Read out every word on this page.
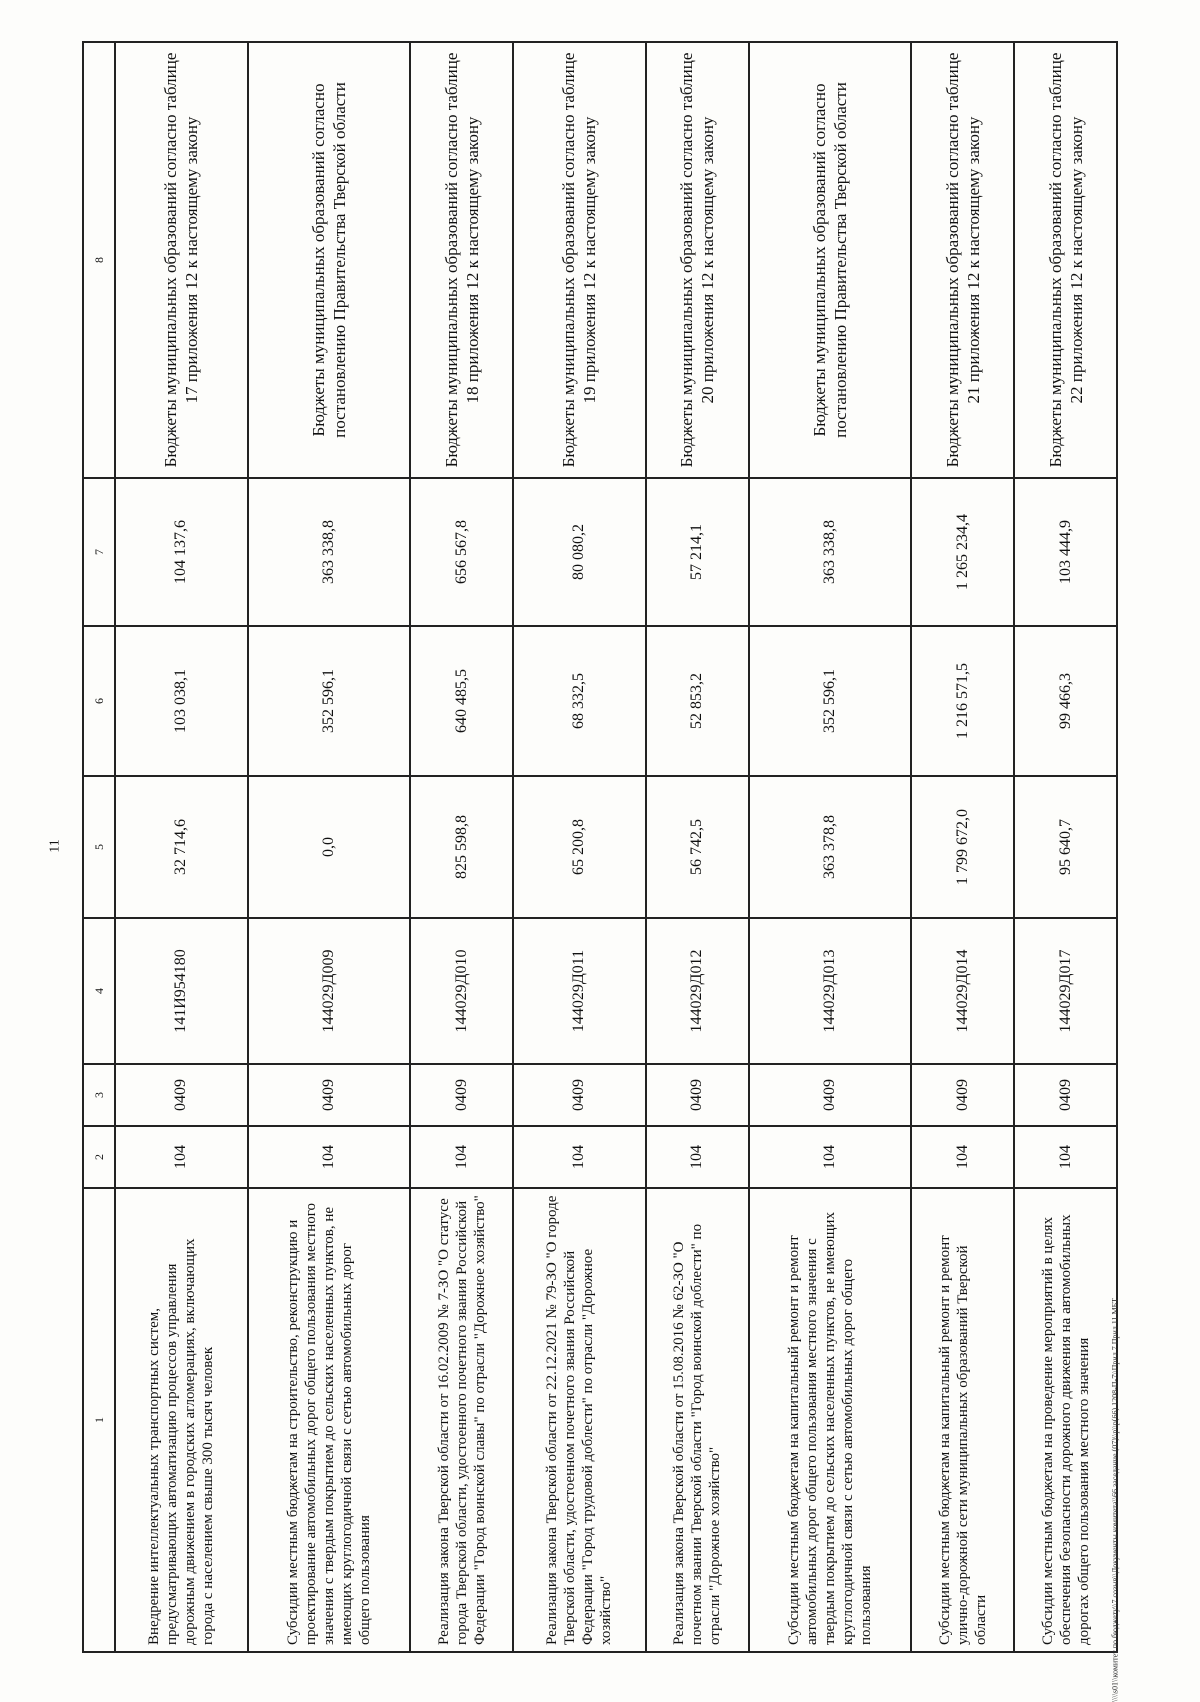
11
1	2	3	4	5	6	7	8
Внедрение интеллектуальных транспортных систем, предусматривающих автоматизацию процессов управления дорожным движением в городских агломерациях, включающих города с населением свыше 300 тысяч человек	104	0409	141И954180	32 714,6	103 038,1	104 137,6	Бюджеты муниципальных образований согласно таблице 17 приложения 12 к настоящему закону
Субсидии местным бюджетам на строительство, реконструкцию и проектирование автомобильных дорог общего пользования местного значения с твердым покрытием до сельских населенных пунктов, не имеющих круглогодичной связи с сетью автомобильных дорог общего пользования	104	0409	144029Д009	0,0	352 596,1	363 338,8	Бюджеты муниципальных образований согласно постановлению Правительства Тверской области
Реализация закона Тверской области от 16.02.2009 № 7-ЗО "О статусе города Тверской области, удостоенного почетного звания Российской Федерации "Город воинской славы" по отрасли "Дорожное хозяйство"	104	0409	144029Д010	825 598,8	640 485,5	656 567,8	Бюджеты муниципальных образований согласно таблице 18 приложения 12 к настоящему закону
Реализация закона Тверской области от 22.12.2021 № 79-ЗО "О городе Тверской области, удостоенном почетного звания Российской Федерации "Город трудовой доблести" по отрасли "Дорожное хозяйство"	104	0409	144029Д011	65 200,8	68 332,5	80 080,2	Бюджеты муниципальных образований согласно таблице 19 приложения 12 к настоящему закону
Реализация закона Тверской области от 15.08.2016 № 62-ЗО "О почетном звании Тверской области "Город воинской доблести" по отрасли "Дорожное хозяйство"	104	0409	144029Д012	56 742,5	52 853,2	57 214,1	Бюджеты муниципальных образований согласно таблице 20 приложения 12 к настоящему закону
Субсидии местным бюджетам на капитальный ремонт и ремонт автомобильных дорог общего пользования местного значения с твердым покрытием до сельских населенных пунктов, не имеющих круглогодичной связи с сетью автомобильных дорог общего пользования	104	0409	144029Д013	363 378,8	352 596,1	363 338,8	Бюджеты муниципальных образований согласно постановлению Правительства Тверской области
Субсидии местным бюджетам на капитальный ремонт и ремонт улично-дорожной сети муниципальных образований Тверской области	104	0409	144029Д014	1 799 672,0	1 216 571,5	1 265 234,4	Бюджеты муниципальных образований согласно таблице 21 приложения 12 к настоящему закону
Субсидии местным бюджетам на проведение мероприятий в целях обеспечения безопасности дорожного движения на автомобильных дорогах общего пользования местного значения	104	0409	144029Д017	95 640,7	99 466,3	103 444,9	Бюджеты муниципальных образований согласно таблице 22 приложения 12 к настоящему закону
\\\\s01\\комитет по бюджету\\7 созыв\\Документы комитета\\66 заседание (07)\\р\\р(66) 1208-П-7\\Прил 7 Прил 11 МБТ
